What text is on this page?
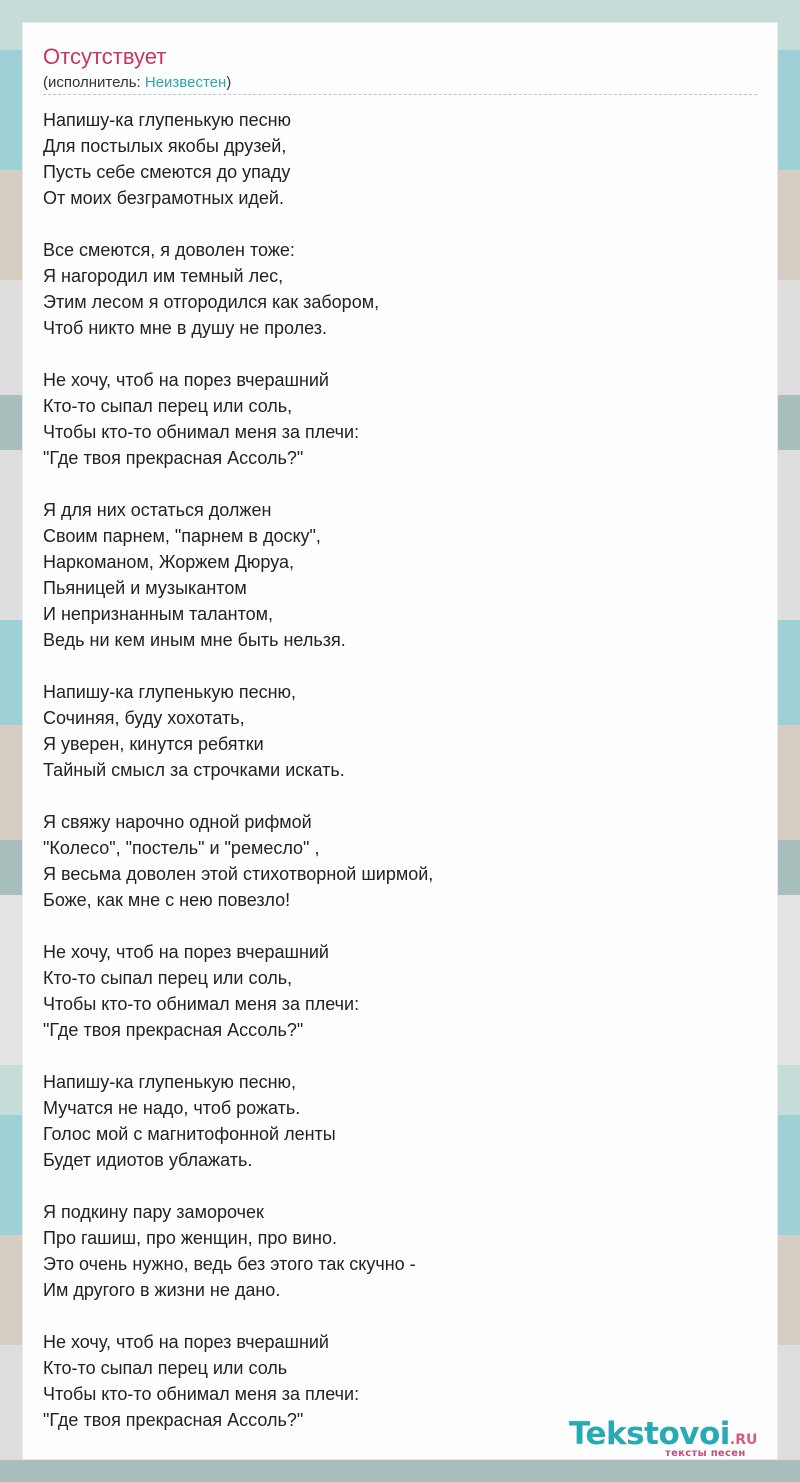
Отсутствует
(исполнитель: Неизвестен)
Напишу-ка глупенькую песню
Для постылых якобы друзей,
Пусть себе смеются до упаду
От моих безграмотных идей.
Все смеются, я доволен тоже:
Я нагородил им темный лес,
Этим лесом я отгородился как забором,
Чтоб никто мне в душу не пролез.
Не хочу, чтоб на порез вчерашний
Кто-то сыпал перец или соль,
Чтобы кто-то обнимал меня за плечи:
"Где твоя прекрасная Ассоль?"
Я для них остаться должен
Своим парнем, "парнем в доску",
Наркоманом, Жоржем Дюруа,
Пьяницей и музыкантом
И непризнанным талантом,
Ведь ни кем иным мне быть нельзя.
Напишу-ка глупенькую песню,
Сочиняя, буду хохотать,
Я уверен, кинутся ребятки
Тайный смысл за строчками искать.
Я свяжу нарочно одной рифмой
"Колесо", "постель" и "ремесло" ,
Я весьма доволен этой стихотворной ширмой,
Боже, как мне с нею повезло!
Не хочу, чтоб на порез вчерашний
Кто-то сыпал перец или соль,
Чтобы кто-то обнимал меня за плечи:
"Где твоя прекрасная Ассоль?"
Напишу-ка глупенькую песню,
Мучатся не надо, чтоб рожать.
Голос мой с магнитофонной ленты
Будет идиотов ублажать.
Я подкину пару заморочек
Про гашиш, про женщин, про вино.
Это очень нужно, ведь без этого так скучно -
Им другого в жизни не дано.
Не хочу, чтоб на порез вчерашний
Кто-то сыпал перец или соль
Чтобы кто-то обнимал меня за плечи:
"Где твоя прекрасная Ассоль?"	Tekstovoi.RU
тексты песен
